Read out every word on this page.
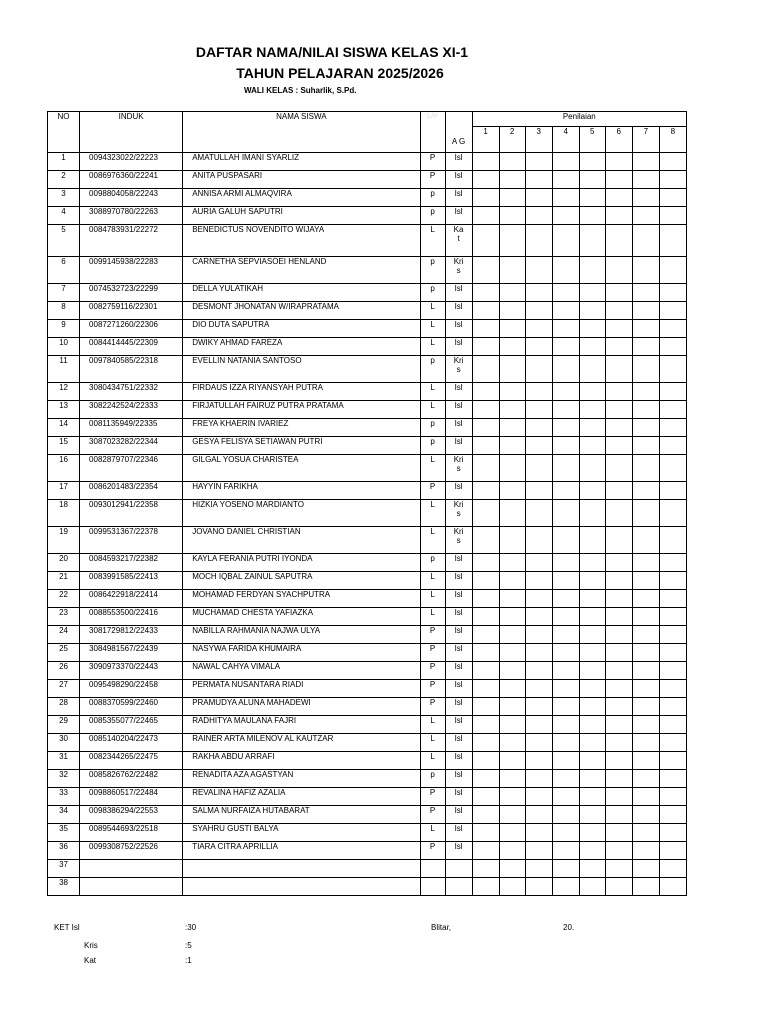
DAFTAR NAMA/NILAI SISWA KELAS XI-1
TAHUN PELAJARAN 2025/2026
WALI KELAS : Suharlik, S.Pd.
NO	INDUK	NAMA SISWA	L/P	A G	Penilaian							
					1	2	3	4	5	6	7	8
1	0094323022/22223	AMATULLAH IMANI SYARLIZ	P	Isl								
2	0086976360/22241	ANITA PUSPASARI	P	Isl								
3	0098804058/22243	ANNISA ARMI ALMAQVIRA	p	Isl								
4	3088970780/22263	AURIA GALUH SAPUTRI	p	Isl								
5	0084783931/22272	BENEDICTUS NOVENDITO WIJAYA	L	Ka t								
6	0099145938/22283	CARNETHA SEPVIASOEI HENLAND	p	Kri s								
7	0074532723/22299	DELLA YULATIKAH	p	Isl								
8	0082759116/22301	DESMONT JHONATAN W/IRAPRATAMA	L	Isl								
9	0087271260/22306	DIO DUTA SAPUTRA	L	Isl								
10	0084414445/22309	DWIKY AHMAD FAREZA	L	Isl								
11	0097840585/22318	EVELLIN NATANIA SANTOSO	p	Kri s								
12	3080434751/22332	FIRDAUS IZZA RIYANSYAH PUTRA	L	Isl								
13	3082242524/22333	FIRJATULLAH FAIRUZ PUTRA PRATAMA	L	Isl								
14	0081135949/22335	FREYA KHAERIN IVARIEZ	p	Isl								
15	3087023282/22344	GESYA FELISYA SETIAWAN PUTRI	p	Isl								
16	0082879707/22346	GILGAL YOSUA CHARISTEA	L	Kri s								
17	0086201483/22354	HAYYIN FARIKHA	P	Isl								
18	0093012941/22358	HIZKIA YOSENO MARDIANTO	L	Kri s								
19	0099531367/22378	JOVANO DANIEL CHRISTIAN	L	Kri s								
20	0084593217/22382	KAYLA FERANIA PUTRI IYONDA	p	Isl								
21	0083991585/22413	MOCH IQBAL ZAINUL SAPUTRA	L	Isl								
22	0086422918/22414	MOHAMAD FERDYAN SYACHPUTRA	L	Isl								
23	0088553500/22416	MUCHAMAD CHESTA YAFIAZKA	L	Isl								
24	3081729812/22433	NABILLA RAHMANIA NAJWA ULYA	P	Isl								
25	3084981567/22439	NASYWA FARIDA KHUMAIRA	P	Isl								
26	3090973370/22443	NAWAL CAHYA VIMALA	P	Isl								
27	0095498290/22458	PERMATA NUSANTARA RIADI	P	Isl								
28	0088370599/22460	PRAMUDYA ALUNA MAHADEWI	P	Isl								
29	0085355077/22465	RADHITYA MAULANA FAJRI	L	Isl								
30	0085140204/22473	RAINER ARTA MILENOV AL KAUTZAR	L	Isl								
31	0082344265/22475	RAKHA ABDU ARRAFI	L	Isl								
32	0085826762/22482	RENADITA AZA AGASTYAN	p	Isl								
33	0098860517/22484	REVALINA HAFIZ AZALIA	P	Isl								
34	0098386294/22553	SALMA NURFAIZA HUTABARAT	P	Isl								
35	0089544693/22518	SYAHRU GUSTI BALYA	L	Isl								
36	0099308752/22526	TIARA CITRA APRILLIA	P	Isl								
37												
38												
KET Isl	:30
Kris	:5
Kat	:1
Blitar,	20.
